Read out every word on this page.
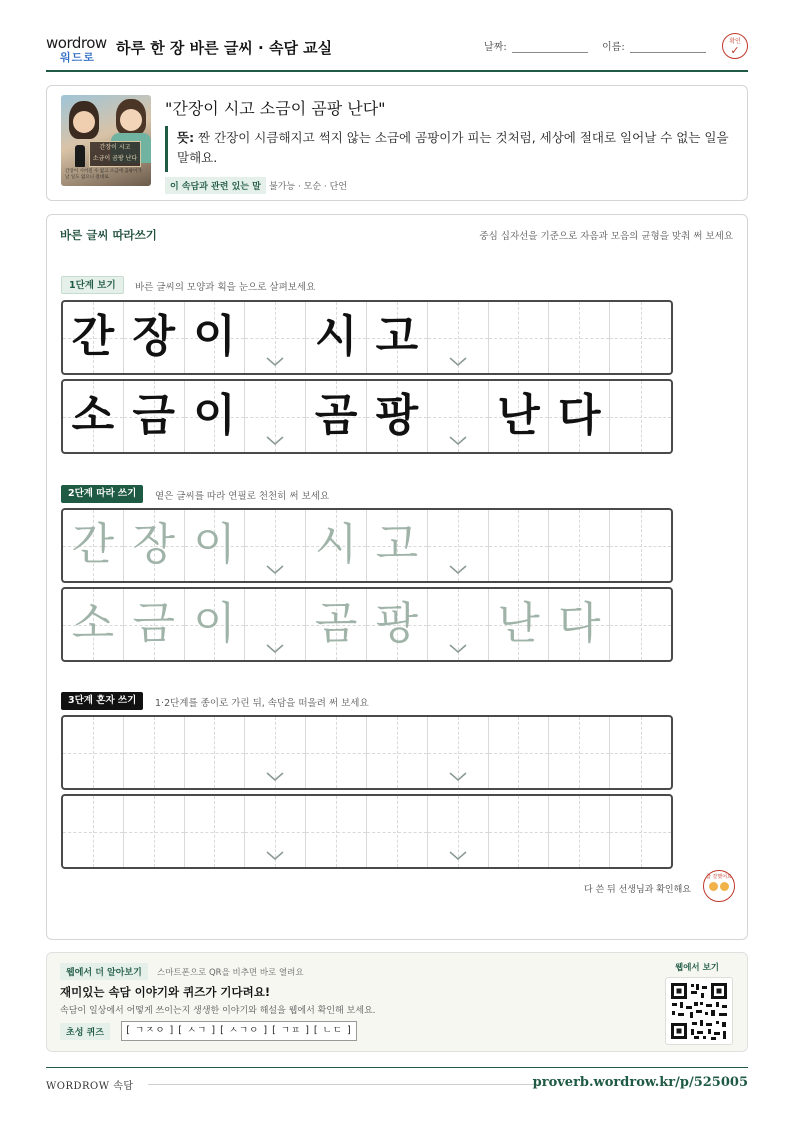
wordrow
워드로
하루 한 장 바른 글씨 · 속담 교실	날짜:	이름:
확인
✓
간장이 시고
소금이 곰팡 난다
간장이 시어질 수 없고 소금에 곰팡이가 날 일도 없으니 절대로
"간장이 시고 소금이 곰팡 난다"
뜻: 짠 간장이 시큼해지고 썩지 않는 소금에 곰팡이가 피는 것처럼, 세상에 절대로 일어날 수 없는 일을 말해요.
이 속담과 관련 있는 말 불가능 · 모순 · 단언
바른 글씨 따라쓰기	중심 십자선을 기준으로 자음과 모음의 균형을 맞춰 써 보세요
1단계 보기	바른 글씨의 모양과 획을 눈으로 살펴보세요
간 장 이 시 고
소 금 이 곰 팡 난 다
2단계 따라 쓰기	옅은 글씨를 따라 연필로 천천히 써 보세요
간 장 이 시 고
소 금 이 곰 팡 난 다
3단계 혼자 쓰기	1·2단계를 종이로 가린 뒤, 속담을 떠올려 써 보세요
다 쓴 뒤 선생님과 확인해요
참 잘했어요
웹에서 더 알아보기	스마트폰으로 QR을 비추면 바로 열려요
재미있는 속담 이야기와 퀴즈가 기다려요!
속담이 일상에서 어떻게 쓰이는지 생생한 이야기와 해설을 웹에서 확인해 보세요.
초성 퀴즈	[ ㄱㅈㅇ ] [ ㅅㄱ ] [ ㅅㄱㅇ ] [ ㄱㅍ ] [ ㄴㄷ ]
웹에서 보기
WORDROW 속담	proverb.wordrow.kr/p/525005
